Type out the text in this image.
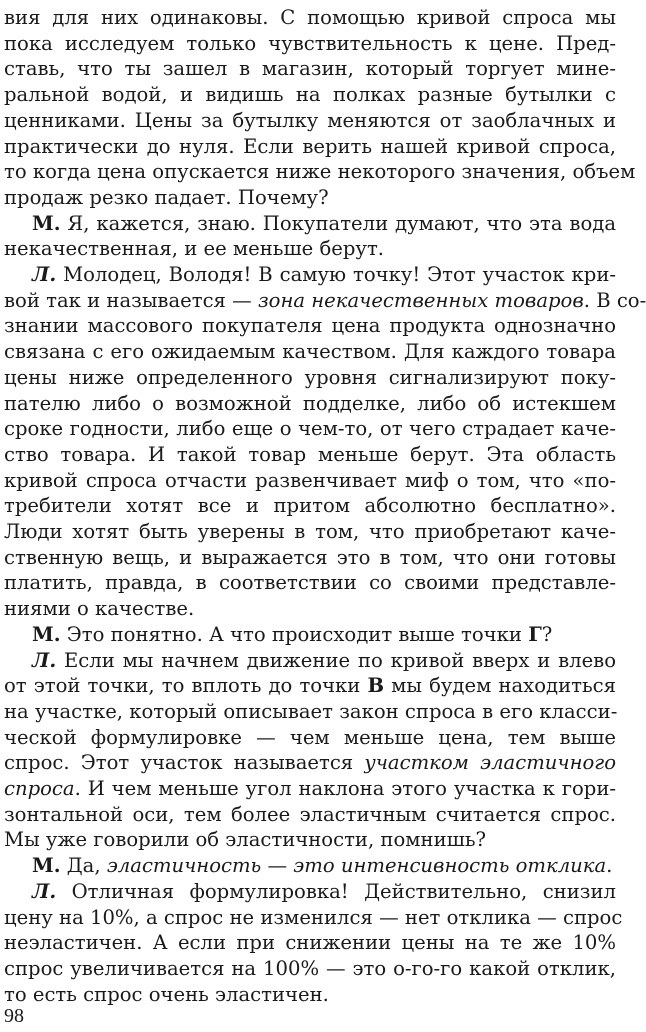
вия для них одинаковы. С помощью кривой спроса мы
пока исследуем только чувствительность к цене. Пред-
ставь, что ты зашел в магазин, который торгует мине-
ральной водой, и видишь на полках разные бутылки с
ценниками. Цены за бутылку меняются от заоблачных и
практически до нуля. Если верить нашей кривой спроса,
то когда цена опускается ниже некоторого значения, объем
продаж резко падает. Почему?
М. Я, кажется, знаю. Покупатели думают, что эта вода
некачественная, и ее меньше берут.
Л. Молодец, Володя! В самую точку! Этот участок кри-
вой так и называется — зона некачественных товаров. В со-
знании массового покупателя цена продукта однозначно
связана с его ожидаемым качеством. Для каждого товара
цены ниже определенного уровня сигнализируют поку-
пателю либо о возможной подделке, либо об истекшем
сроке годности, либо еще о чем-то, от чего страдает каче-
ство товара. И такой товар меньше берут. Эта область
кривой спроса отчасти развенчивает миф о том, что «по-
требители хотят все и притом абсолютно бесплатно».
Люди хотят быть уверены в том, что приобретают каче-
ственную вещь, и выражается это в том, что они готовы
платить, правда, в соответствии со своими представле-
ниями о качестве.
М. Это понятно. А что происходит выше точки Г?
Л. Если мы начнем движение по кривой вверх и влево
от этой точки, то вплоть до точки В мы будем находиться
на участке, который описывает закон спроса в его класси-
ческой формулировке — чем меньше цена, тем выше
спрос. Этот участок называется участком эластичного
спроса. И чем меньше угол наклона этого участка к гори-
зонтальной оси, тем более эластичным считается спрос.
Мы уже говорили об эластичности, помнишь?
М. Да, эластичность — это интенсивность отклика.
Л. Отличная формулировка! Действительно, снизил
цену на 10%, а спрос не изменился — нет отклика — спрос
неэластичен. А если при снижении цены на те же 10%
спрос увеличивается на 100% — это о-го-го какой отклик,
то есть спрос очень эластичен.
98
